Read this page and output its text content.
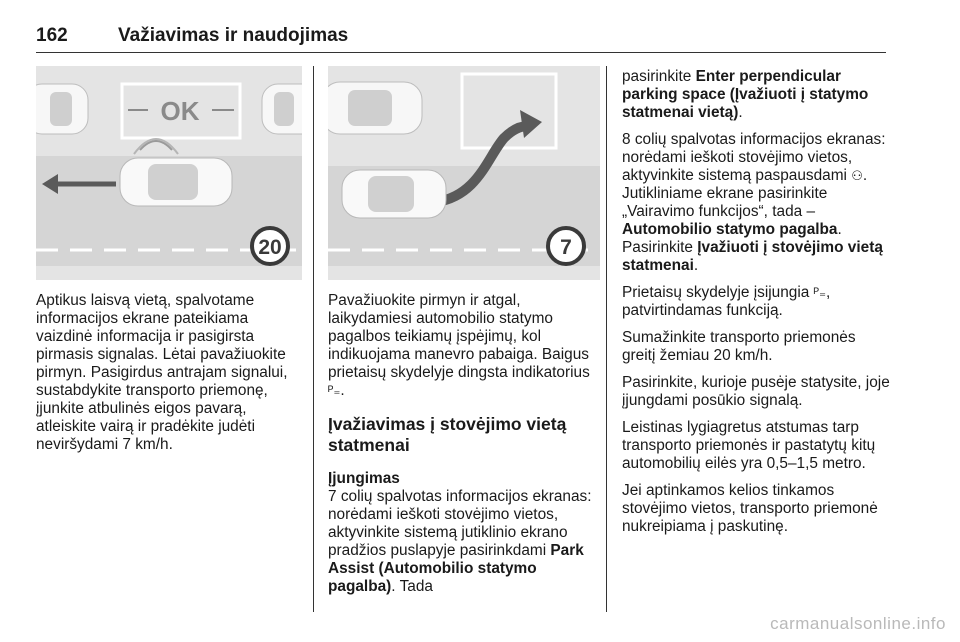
162	Važiavimas ir naudojimas
OK
20	7

Aptikus laisvą vietą, spalvotame informacijos ekrane pateikiama vaizdinė informacija ir pasigirsta pirmasis signalas. Lėtai pavažiuokite pirmyn. Pasigirdus antrajam signalui, sustabdykite transporto priemonę, įjunkite atbulinės eigos pavarą, atleiskite vairą ir pradėkite judėti neviršydami 7 km/h.

Pavažiuokite pirmyn ir atgal, laikydamiesi automobilio statymo pagalbos teikiamų įspėjimų, kol indikuojama manevro pabaiga. Baigus prietaisų skydelyje dingsta indikatorius ᴾ₌.

Įvažiavimas į stovėjimo vietą statmenai
Įjungimas

7 colių spalvotas informacijos ekranas: norėdami ieškoti stovėjimo vietos, aktyvinkite sistemą jutiklinio ekrano pradžios puslapyje pasirinkdami Park Assist (Automobilio statymo pagalba). Tada

pasirinkite Enter perpendicular parking space (Įvažiuoti į statymo statmenai vietą).

8 colių spalvotas informacijos ekranas: norėdami ieškoti stovėjimo vietos, aktyvinkite sistemą paspausdami ⚇. Jutikliniame ekrane pasirinkite „Vairavimo funkcijos“, tada – Automobilio statymo pagalba. Pasirinkite Įvažiuoti į stovėjimo vietą statmenai.

Prietaisų skydelyje įsijungia ᴾ₌, patvirtindamas funkciją.

Sumažinkite transporto priemonės greitį žemiau 20 km/h.

Pasirinkite, kurioje pusėje statysite, joje įjungdami posūkio signalą.

Leistinas lygiagretus atstumas tarp transporto priemonės ir pastatytų kitų automobilių eilės yra 0,5–1,5 metro.

Jei aptinkamos kelios tinkamos stovėjimo vietos, transporto priemonė nukreipiama į paskutinę.

carmanualsonline.info
